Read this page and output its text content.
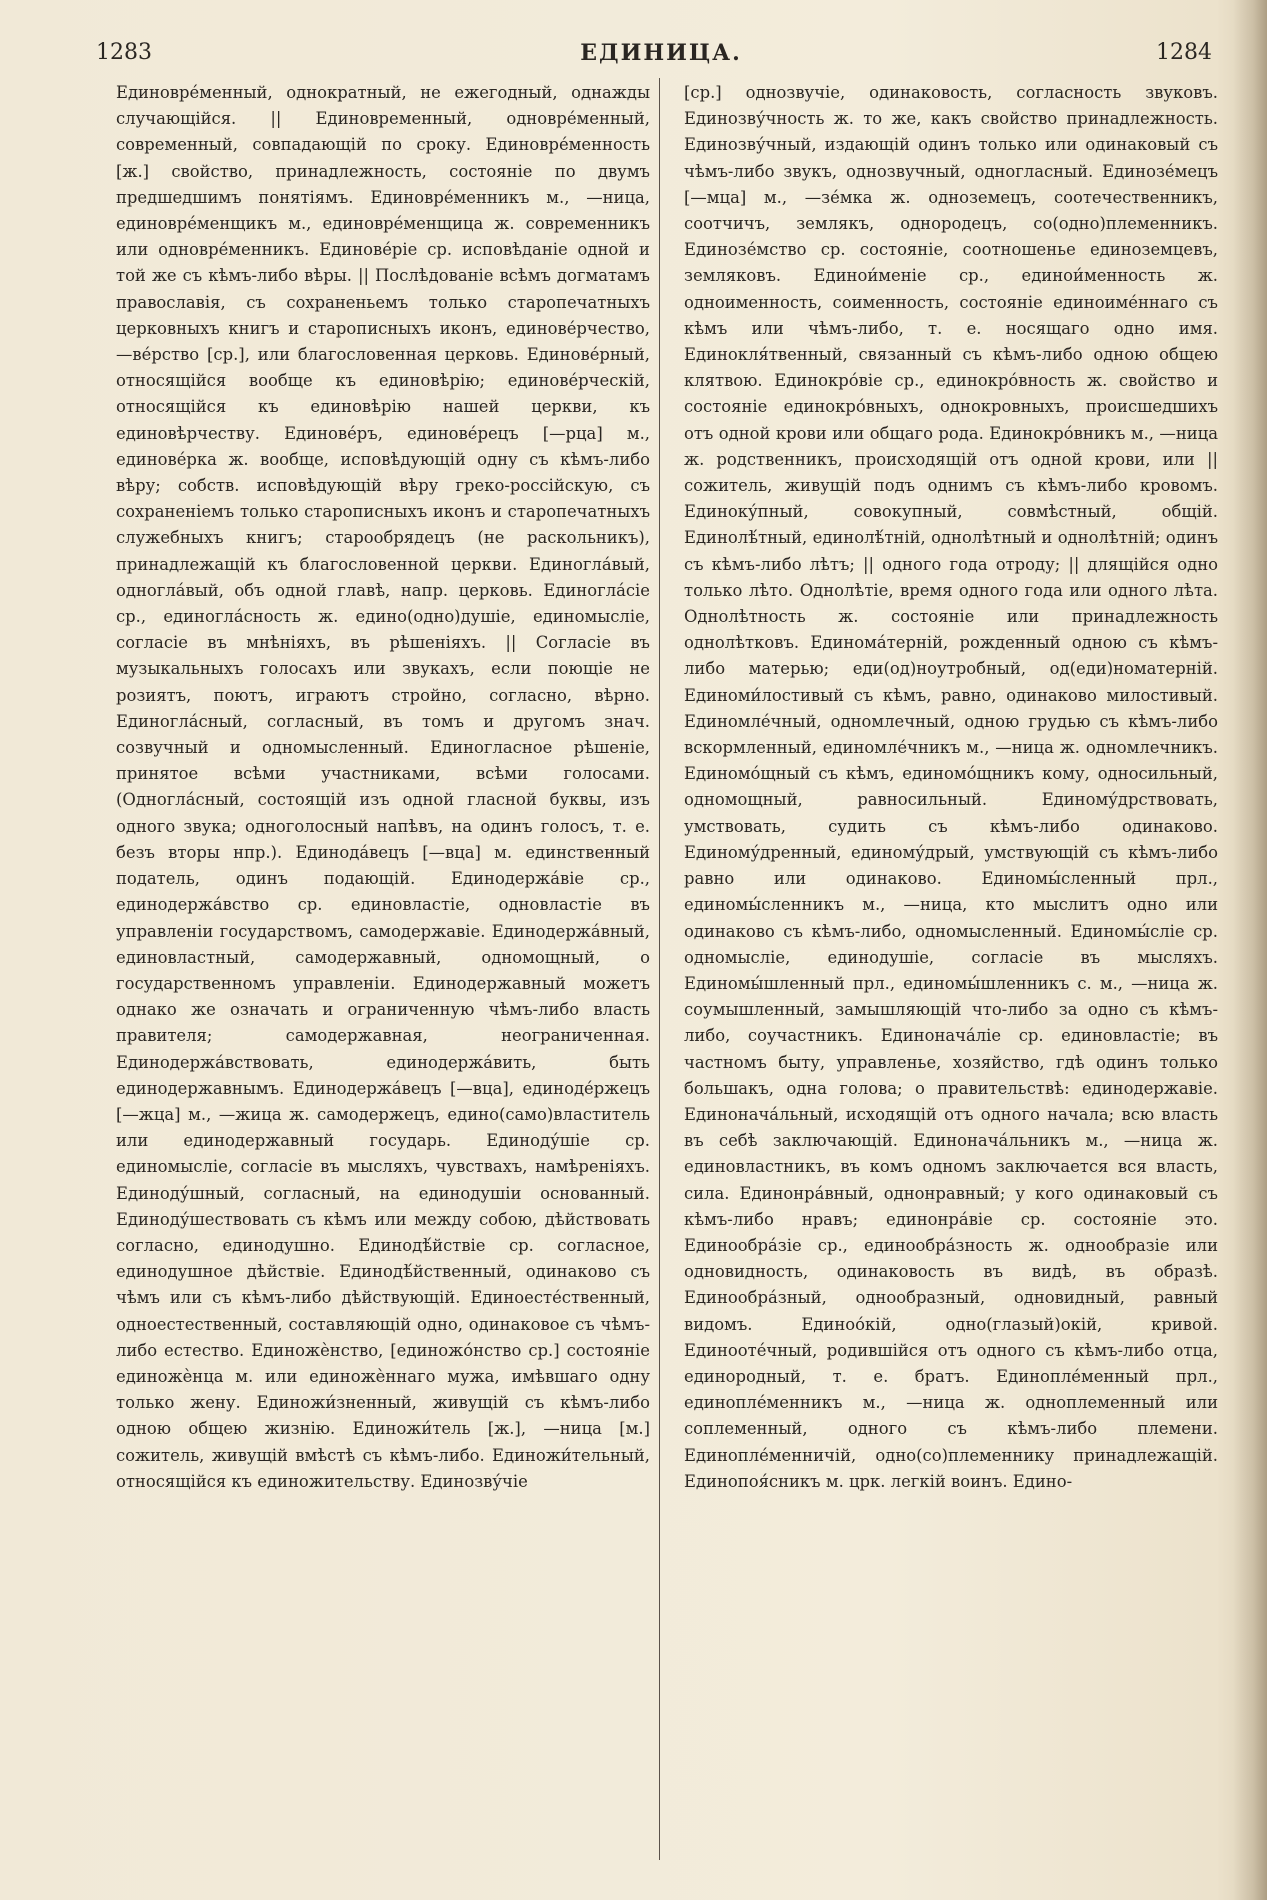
1283	ЕДИНИЦА.	1284

Единовре́менный, однократный, не ежегодный, однажды случающійся. || Единовременный, одновре́менный, современный, совпадающій по сроку. Единовре́менность [ж.] свойство, принадлежность, состояніе по двумъ предшедшимъ понятіямъ. Единовре́менникъ м., —ница, единовре́менщикъ м., единовре́менщица ж. современникъ или одновре́менникъ. Единове́ріе ср. исповѣданіе одной и той же съ кѣмъ-либо вѣры. || Послѣдованіе всѣмъ догматамъ православія, съ сохраненьемъ только старопечатныхъ церковныхъ книгъ и старописныхъ иконъ, единове́рчество, —ве́рство [ср.], или благословенная церковь. Единове́рный, относящійся вообще къ единовѣрію; единове́рческій, относящійся къ единовѣрію нашей церкви, къ единовѣрчеству. Единове́ръ, единове́рецъ [—рца] м., единове́рка ж. вообще, исповѣдующій одну съ кѣмъ-либо вѣру; собств. исповѣдующій вѣру греко-россійскую, съ сохраненіемъ только старописныхъ иконъ и старопечатныхъ служебныхъ книгъ; старообрядецъ (не раскольникъ), принадлежащій къ благословенной церкви. Единогла́вый, одногла́вый, объ одной главѣ, напр. церковь. Единогла́сіе ср., единогла́сность ж. едино(одно)душіе, единомысліе, согласіе въ мнѣніяхъ, въ рѣшеніяхъ. || Согласіе въ музыкальныхъ голосахъ или звукахъ, если поющіе не розиятъ, поютъ, играютъ стройно, согласно, вѣрно. Единогла́сный, согласный, въ томъ и другомъ знач. созвучный и одномысленный. Единогласное рѣшеніе, принятое всѣми участниками, всѣми голосами. (Одногла́сный, состоящій изъ одной гласной буквы, изъ одного звука; одноголосный напѣвъ, на одинъ голосъ, т. е. безъ вторы нпр.). Единода́вецъ [—вца] м. единственный податель, одинъ подающій. Единодержа́віе ср., единодержа́вство ср. единовластіе, одновластіе въ управленіи государствомъ, самодержавіе. Единодержа́вный, единовластный, самодержавный, одномощный, о государственномъ управленіи. Единодержавный можетъ однако же означать и ограниченную чѣмъ-либо власть правителя; самодержавная, неограниченная. Единодержа́вствовать, единодержа́вить, быть единодержавнымъ. Единодержа́вецъ [—вца], единоде́ржецъ [—жца] м., —жица ж. самодержецъ, едино(само)властитель или единодержавный государь. Единоду́шіе ср. единомысліе, согласіе въ мысляхъ, чувствахъ, намѣреніяхъ. Единоду́шный, согласный, на единодушіи основанный. Единоду́шествовать съ кѣмъ или между собою, дѣйствовать согласно, единодушно. Единодѣ́йствіе ср. согласное, единодушное дѣйствіе. Единодѣ́йственный, одинаково съ чѣмъ или съ кѣмъ-либо дѣйствующій. Единоесте́ственный, одноестественный, составляющій одно, одинаковое съ чѣмъ-либо естество. Единожѐнство, [единожо́нство ср.] состояніе единожѐнца м. или единожѐннаго мужа, имѣвшаго одну только жену. Единожи́зненный, живущій съ кѣмъ-либо одною общею жизнію. Единожи́тель [ж.], —ница [м.] сожитель, живущій вмѣстѣ съ кѣмъ-либо. Единожи́тельный, относящійся къ единожительству. Единозву́чіе

[ср.] однозвучіе, одинаковость, согласность звуковъ. Единозву́чность ж. то же, какъ свойство принадлежность. Единозву́чный, издающій одинъ только или одинаковый съ чѣмъ-либо звукъ, однозвучный, одногласный. Единозе́мецъ [—мца] м., —зе́мка ж. одноземецъ, соотечественникъ, соотчичъ, землякъ, однородецъ, со(одно)племенникъ. Единозе́мство ср. состояніе, соотношенье единоземцевъ, земляковъ. Единои́меніе ср., единои́менность ж. одноименность, соименность, состояніе единоиме́ннаго съ кѣмъ или чѣмъ-либо, т. е. носящаго одно имя. Единокля́твенный, связанный съ кѣмъ-либо одною общею клятвою. Единокро́віе ср., единокро́вность ж. свойство и состояніе единокро́вныхъ, однокровныхъ, происшедшихъ отъ одной крови или общаго рода. Единокро́вникъ м., —ница ж. родственникъ, происходящій отъ одной крови, или || сожитель, живущій подъ однимъ съ кѣмъ-либо кровомъ. Единоку́пный, совокупный, совмѣстный, общій. Единолѣ́тный, единолѣ́тній, однолѣтный и однолѣтній; одинъ съ кѣмъ-либо лѣтъ; || одного года отроду; || длящійся одно только лѣто. Однолѣтіе, время одного года или одного лѣта. Однолѣтность ж. состояніе или принадлежность однолѣтковъ. Единома́терній, рожденный одною съ кѣмъ-либо матерью; еди(од)ноутробный, од(еди)номатерній. Единоми́лостивый съ кѣмъ, равно, одинаково милостивый. Единомле́чный, одномлечный, одною грудью съ кѣмъ-либо вскормленный, единомле́чникъ м., —ница ж. одномлечникъ. Единомо́щный съ кѣмъ, единомо́щникъ кому, односильный, одномощный, равносильный. Единому́дрствовать, умствовать, судить съ кѣмъ-либо одинаково. Единому́дренный, единому́дрый, умствующій съ кѣмъ-либо равно или одинаково. Единомы́сленный прл., единомы́сленникъ м., —ница, кто мыслитъ одно или одинаково съ кѣмъ-либо, одномысленный. Единомы́сліе ср. одномысліе, единодушіе, согласіе въ мысляхъ. Единомы́шленный прл., единомы́шленникъ с. м., —ница ж. соумышленный, замышляющій что-либо за одно съ кѣмъ-либо, соучастникъ. Единонача́ліе ср. единовластіе; въ частномъ быту, управленье, хозяйство, гдѣ одинъ только большакъ, одна голова; о правительствѣ: единодержавіе. Единонача́льный, исходящій отъ одного начала; всю власть въ себѣ заключающій. Единонача́льникъ м., —ница ж. единовластникъ, въ комъ одномъ заключается вся власть, сила. Единонра́вный, однонравный; у кого одинаковый съ кѣмъ-либо нравъ; единонра́віе ср. состояніе это. Единообра́зіе ср., единообра́зность ж. однообразіе или одновидность, одинаковость въ видѣ, въ образѣ. Единообра́зный, однообразный, одновидный, равный видомъ. Единоо́кій, одно(глазый)окій, кривой. Единооте́чный, родившійся отъ одного съ кѣмъ-либо отца, единородный, т. е. братъ. Единопле́менный прл., единопле́менникъ м., —ница ж. одноплеменный или соплеменный, одного съ кѣмъ-либо племени. Единопле́менничій, одно(со)племеннику принадлежащій. Единопоя́сникъ м. црк. легкій воинъ. Едино-
